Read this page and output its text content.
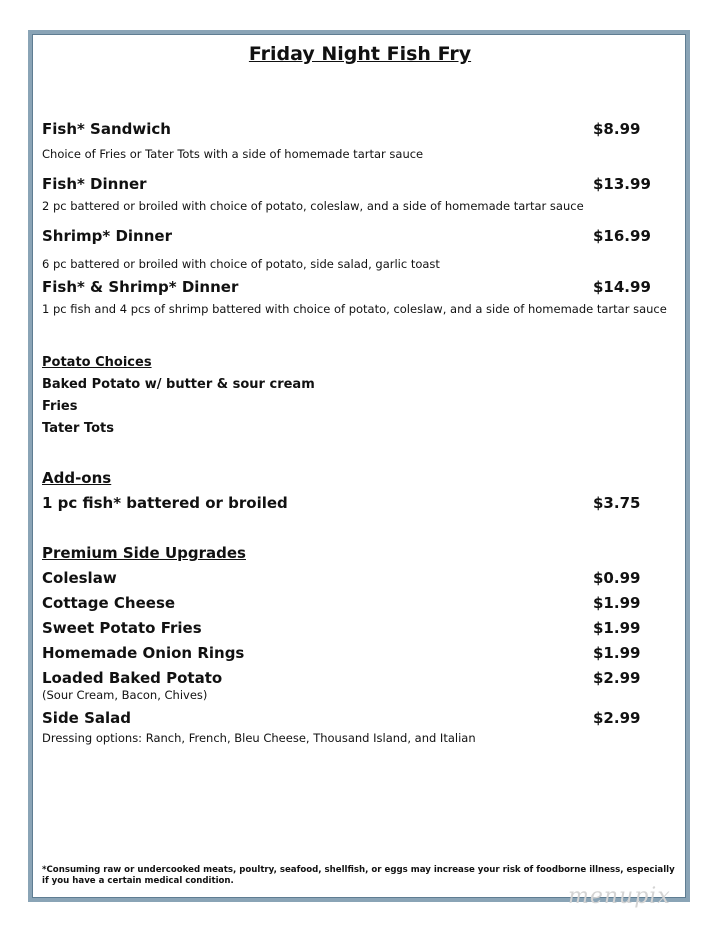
Friday Night Fish Fry
Fish* Sandwich	$8.99
Choice of Fries or Tater Tots with a side of homemade tartar sauce
Fish* Dinner	$13.99
2 pc battered or broiled with choice of potato, coleslaw, and a side of homemade tartar sauce
Shrimp* Dinner	$16.99
6 pc battered or broiled with choice of potato, side salad, garlic toast
Fish* & Shrimp* Dinner	$14.99
1 pc fish and 4 pcs of shrimp battered with choice of potato, coleslaw, and a side of homemade tartar sauce
Potato Choices
Baked Potato w/ butter & sour cream
Fries
Tater Tots
Add-ons
1 pc fish* battered or broiled	$3.75
Premium Side Upgrades
Coleslaw	$0.99
Cottage Cheese	$1.99
Sweet Potato Fries	$1.99
Homemade Onion Rings	$1.99
Loaded Baked Potato	$2.99
(Sour Cream, Bacon, Chives)
Side Salad	$2.99
Dressing options: Ranch, French, Bleu Cheese, Thousand Island, and Italian
*Consuming raw or undercooked meats, poultry, seafood, shellfish, or eggs may increase your risk of foodborne illness, especially if you have a certain medical condition.
menupix
